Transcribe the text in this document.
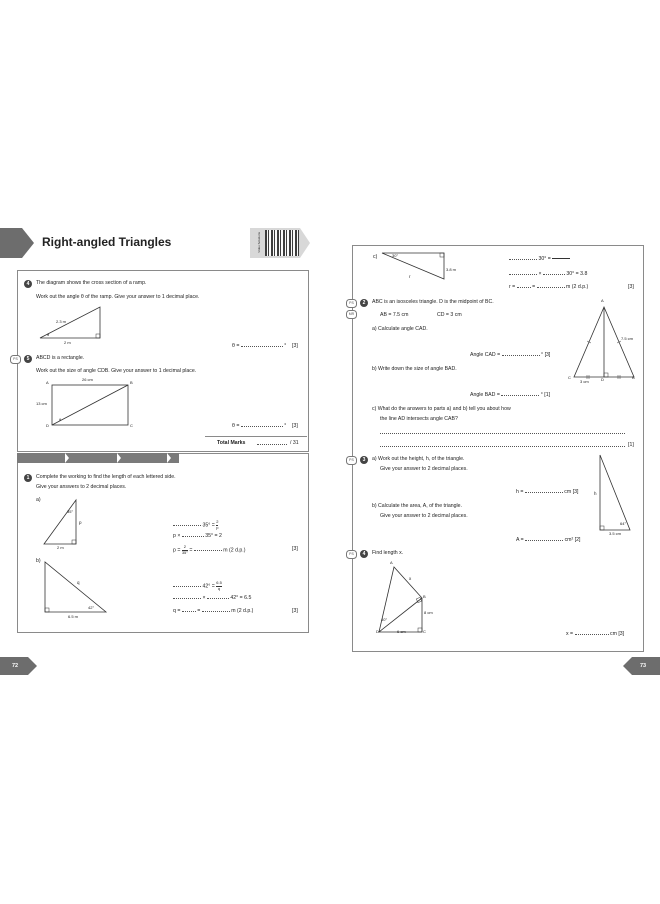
Right-angled Triangles	Video Solutions
4	The diagram shows the cross section of a ramp.
Work out the angle θ of the ramp. Give your answer to 1 decimal place.
2.3 m
2 m
θ
θ =	° [3]
PS	5	ABCD is a rectangle.
Work out the size of angle CDB. Give your answer to 1 decimal place.
26 cm
13 cm
A	B
C
D
θ
θ =	° [3]
Total Marks	/ 31
1	Complete the working to find the length of each lettered side.
Give your answers to 2 decimal places.
a)
35°
p
2 m
$35^\circ = \frac{2}{p}$
p ×	35° = 2
$p = \frac{2}{35^\circ}$ =	m (2 d.p.)	[3]
b)
q
42°
6.5 m
$42^\circ = \frac{6.5}{q}$
×	42° = 6.5
q =	=	m (2 d.p.)	[3]
72
c)	30°
3.8 m
r
30° =
×	30° = 3.8
r =	=	m (2 d.p.)	[3]
PS
MR
2	ABC is an isosceles triangle. D is the midpoint of BC.
AB = 7.5 cm	CD = 3 cm
a) Calculate angle CAD.
A
C	D	B
7.5 cm
3 cm
Angle CAD =	° [3]
b) Write down the size of angle BAD.
Angle BAD =	° [1]
c) What do the answers to parts a) and b) tell you about how
the line AD intersects angle CAB?
[1]
PS	3	a) Work out the height, h, of the triangle.
Give your answer to 2 decimal places.
h
64°
3.5 cm
h =	cm [3]
b) Calculate the area, A, of the triangle.
Give your answer to 2 decimal places.
A =	cm² [2]
PS	4	Find length x.
A
B
C
D
x
40°
6 cm
8 cm
x =	cm [3]
73
